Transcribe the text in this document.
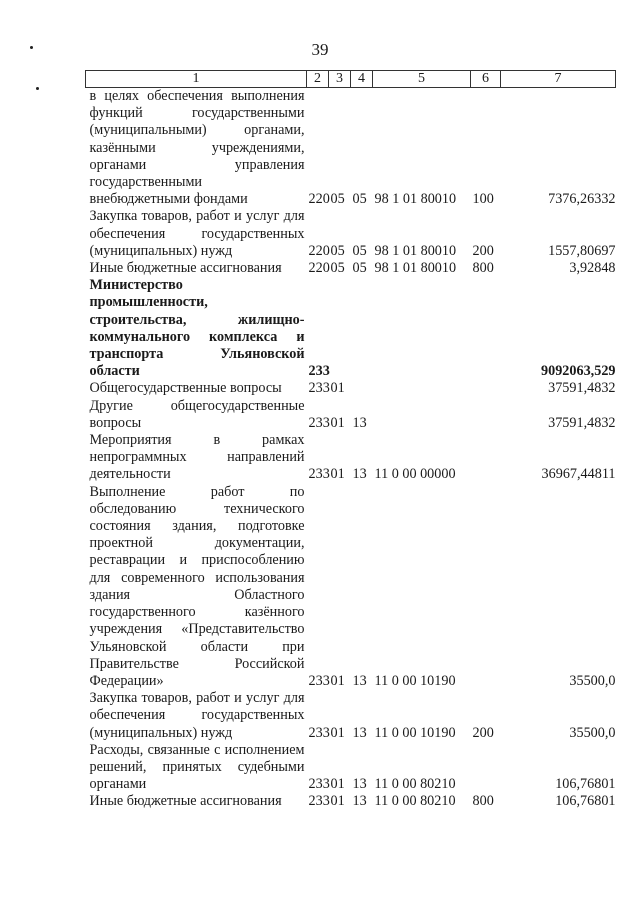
39
1	2	3	4	5	6	7
в целях обеспечения выполнения функций государственными (муниципальными) органами, казёнными учреждениями, органами управления государственными внебюджетными фондами	220	05	05	98 1 01 80010	100	7376,26332
Закупка товаров, работ и услуг для обеспечения государственных (муниципальных) нужд	220	05	05	98 1 01 80010	200	1557,80697
Иные бюджетные ассигнования	220	05	05	98 1 01 80010	800	3,92848
Министерство промышленности, строительства, жилищно-коммунального комплекса и транспорта Ульяновской области	233					9092063,529
Общегосударственные вопросы	233	01				37591,4832
Другие общегосударственные вопросы	233	01	13			37591,4832
Мероприятия в рамках непрограммных направлений деятельности	233	01	13	11 0 00 00000		36967,44811
Выполнение работ по обследованию технического состояния здания, подготовке проектной документации, реставрации и приспособлению для современного использования здания Областного государственного казённого учреждения «Представительство Ульяновской области при Правительстве Российской Федерации»	233	01	13	11 0 00 10190		35500,0
Закупка товаров, работ и услуг для обеспечения государственных (муниципальных) нужд	233	01	13	11 0 00 10190	200	35500,0
Расходы, связанные с исполнением решений, принятых судебными органами	233	01	13	11 0 00 80210		106,76801
Иные бюджетные ассигнования	233	01	13	11 0 00 80210	800	106,76801
